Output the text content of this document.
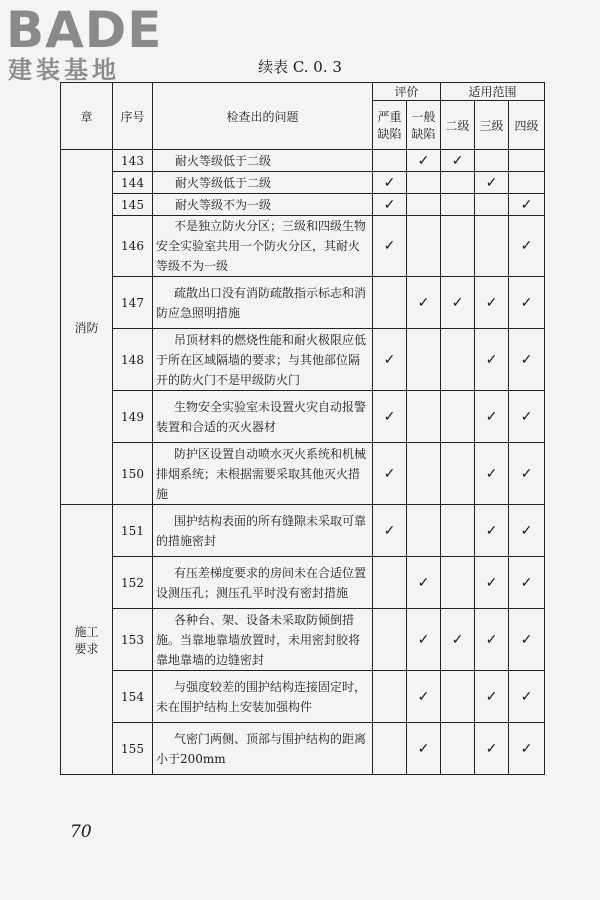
BADE
建装基地	续表 C. 0. 3
章	序号	检查出的问题	评价		适用范围		
			严重缺陷	一般缺陷	二级	三级	四级
消防	143	耐火等级低于二级		✓	✓		
	144	耐火等级低于二级	✓			✓	
	145	耐火等级不为一级	✓				✓
	146	不是独立防火分区；三级和四级生物安全实验室共用一个防火分区，其耐火等级不为一级	✓				✓
	147	疏散出口没有消防疏散指示标志和消防应急照明措施		✓	✓	✓	✓
	148	吊顶材料的燃烧性能和耐火极限应低于所在区域隔墙的要求；与其他部位隔开的防火门不是甲级防火门	✓			✓	✓
	149	生物安全实验室未设置火灾自动报警装置和合适的灭火器材	✓			✓	✓
	150	防护区设置自动喷水灭火系统和机械排烟系统；未根据需要采取其他灭火措施	✓			✓	✓
施工要求	151	围护结构表面的所有缝隙未采取可靠的措施密封	✓			✓	✓
	152	有压差梯度要求的房间未在合适位置设测压孔；测压孔平时没有密封措施		✓		✓	✓
	153	各种台、架、设备未采取防倾倒措施。当靠地靠墙放置时，未用密封胶将靠地靠墙的边缝密封		✓	✓	✓	✓
	154	与强度较差的围护结构连接固定时，未在围护结构上安装加强构件		✓		✓	✓
	155	气密门两侧、顶部与围护结构的距离小于200mm		✓		✓	✓
70
